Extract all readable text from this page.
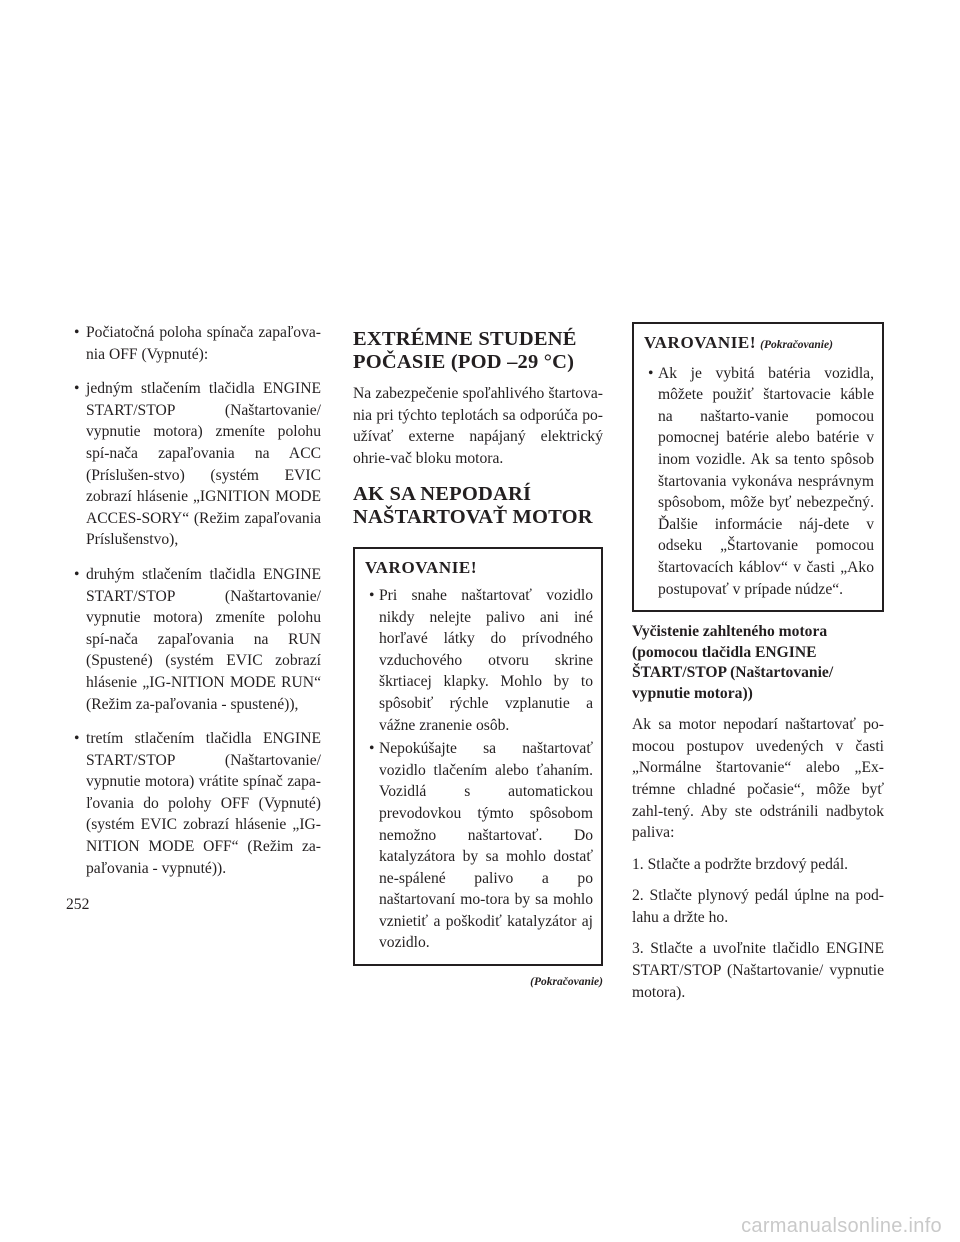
• Počiatočná poloha spínača zapaľova-nia OFF (Vypnuté):
• jedným stlačením tlačidla ENGINE START/STOP (Naštartovanie/ vypnutie motora) zmeníte polohu spí-nača zapaľovania na ACC (Príslušen-stvo) (systém EVIC zobrazí hlásenie „IGNITION MODE ACCES-SORY“ (Režim zapaľovania Príslušenstvo),
• druhým stlačením tlačidla ENGINE START/STOP (Naštartovanie/ vypnutie motora) zmeníte polohu spí-nača zapaľovania na RUN (Spustené) (systém EVIC zobrazí hlásenie „IG-NITION MODE RUN“ (Režim za-paľovania - spustené)),
• tretím stlačením tlačidla ENGINE START/STOP (Naštartovanie/ vypnutie motora) vrátite spínač zapa-ľovania do polohy OFF (Vypnuté) (systém EVIC zobrazí hlásenie „IG-NITION MODE OFF“ (Režim za-paľovania - vypnuté)).
EXTRÉMNE STUDENÉ POČASIE (POD –29 °C)

Na zabezpečenie spoľahlivého štartova-nia pri týchto teplotách sa odporúča po-užívať externe napájaný elektrický ohrie-vač bloku motora.

AK SA NEPODARÍ NAŠTARTOVAŤ MOTOR
VAROVANIE!
• Pri snahe naštartovať vozidlo nikdy nelejte palivo ani iné horľavé látky do prívodného vzduchového otvoru skrine škrtiacej klapky. Mohlo by to spôsobiť rýchle vzplanutie a vážne zranenie osôb.
• Nepokúšajte sa naštartovať vozidlo tlačením alebo ťahaním. Vozidlá s automatickou prevodovkou týmto spôsobom nemožno naštartovať. Do katalyzátora by sa mohlo dostať ne-spálené palivo a po naštartovaní mo-tora by sa mohlo vznietiť a poškodiť katalyzátor aj vozidlo.
(Pokračovanie)
VAROVANIE! (Pokračovanie)
• Ak je vybitá batéria vozidla, môžete použiť štartovacie káble na naštarto-vanie pomocou pomocnej batérie alebo batérie v inom vozidle. Ak sa tento spôsob štartovania vykonáva nesprávnym spôsobom, môže byť nebezpečný. Ďalšie informácie náj-dete v odseku „Štartovanie pomocou štartovacích káblov“ v časti „Ako postupovať v prípade núdze“.
Vyčistenie zahlteného motora (pomocou tlačidla ENGINE ŠTART/STOP (Naštartovanie/ vypnutie motora))

Ak sa motor nepodarí naštartovať po-mocou postupov uvedených v časti „Normálne štartovanie“ alebo „Ex-trémne chladné počasie“, môže byť zahl-tený. Aby ste odstránili nadbytok paliva:

1. Stlačte a podržte brzdový pedál.

2. Stlačte plynový pedál úplne na pod-lahu a držte ho.

3. Stlačte a uvoľnite tlačidlo ENGINE START/STOP (Naštartovanie/ vypnutie motora).

252
carmanualsonline.info
